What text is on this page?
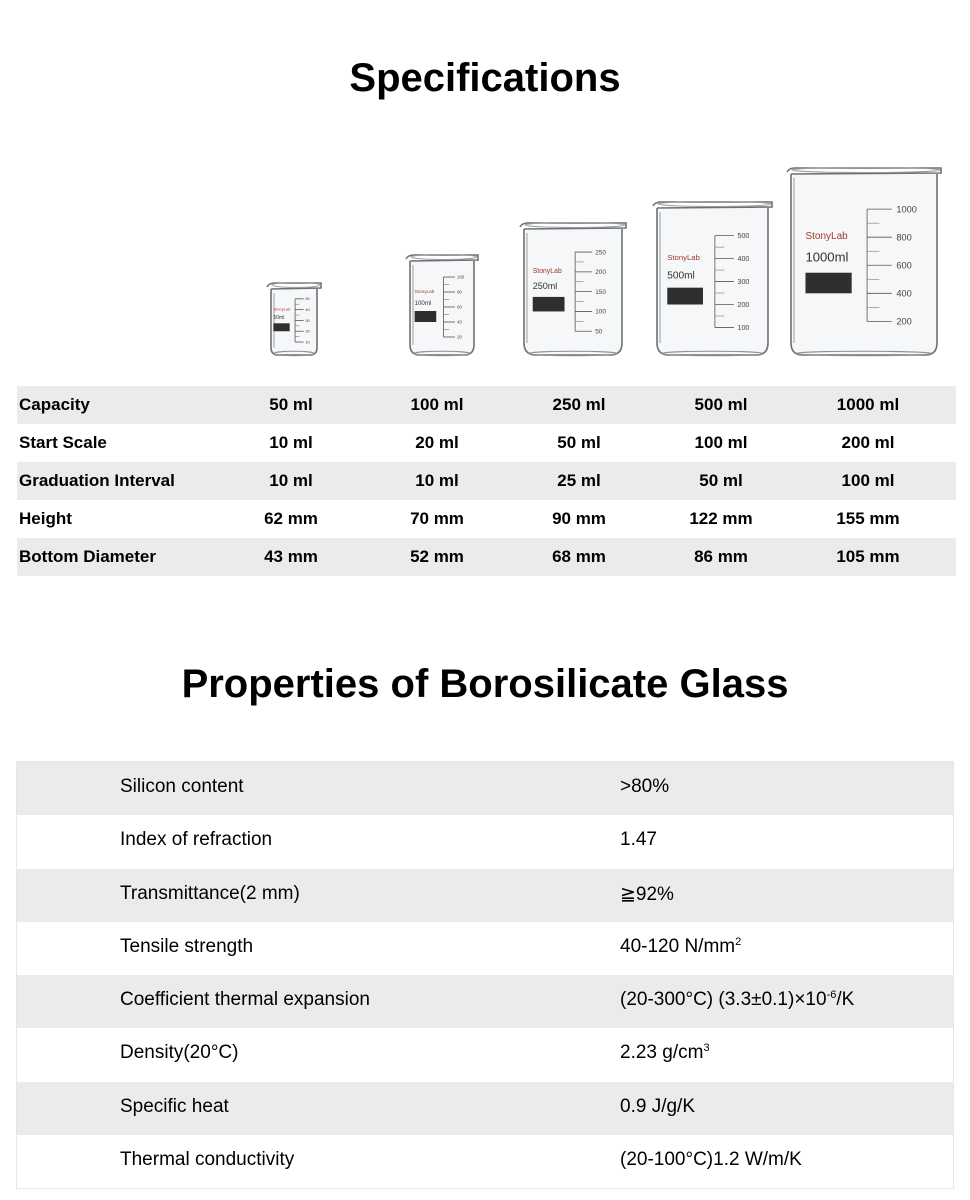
Specifications
50
40
30
20
10
StonyLab
50ml
100
80
60
40
20
StonyLab
100ml
250
200
150
100
50
StonyLab
250ml
500
400
300
200
100
StonyLab
500ml
1000
800
600
400
200
StonyLab
1000ml
Capacity	50 ml	100 ml	250 ml	500 ml	1000 ml
Start Scale	10 ml	20 ml	50 ml	100 ml	200 ml
Graduation Interval	10 ml	10 ml	25 ml	50 ml	100 ml
Height	62 mm	70 mm	90 mm	122 mm	155 mm
Bottom Diameter	43 mm	52 mm	68 mm	86 mm	105 mm
Properties of Borosilicate Glass
Silicon content	>80%
Index of refraction	1.47
Transmittance(2 mm)	≧92%
Tensile strength	40-120 $N/mm^2$
Coefficient thermal expansion	(20-300°C) $(3.3\pm 0.1)\times 10^{-6}/K$
Density(20°C)	2.23 $g/cm^3$
Specific heat	0.9 J/g/K
Thermal conductivity	(20-100°C)1.2 W/m/K
